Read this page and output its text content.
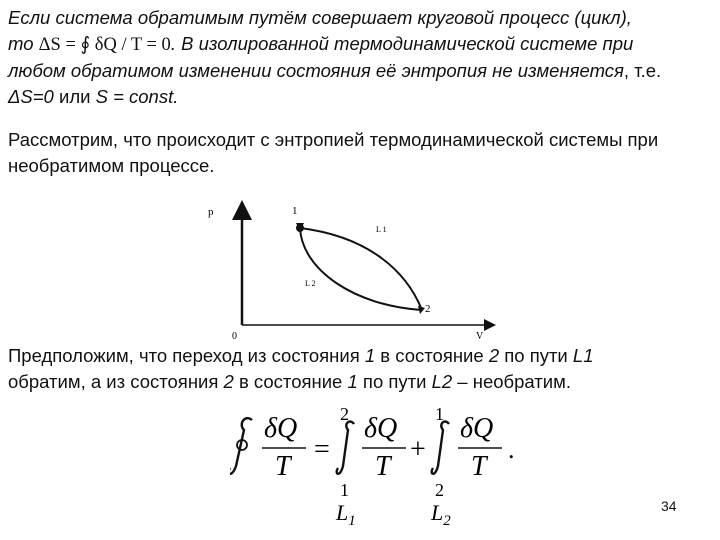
Если система обратимым путём совершает круговой процесс (цикл),
то ΔS = ∮ δQ / T = 0. В изолированной термодинамической системе при
любом обратимом изменении состояния её энтропия не изменяется, т.е.
ΔS=0 или S = const.
Рассмотрим, что происходит с энтропией термодинамической системы при
необратимом процессе.
p
V
0
1
2
L 1
L 2
Предположим, что переход из состояния 1 в состояние 2 по пути L1
обратим, а из состояния 2 в состояние 1 по пути L2 – необратим.
δQ
T
=
2 δQ
T
1
$L_1$
+
1 δQ
T
2
$L_2$
.
34
